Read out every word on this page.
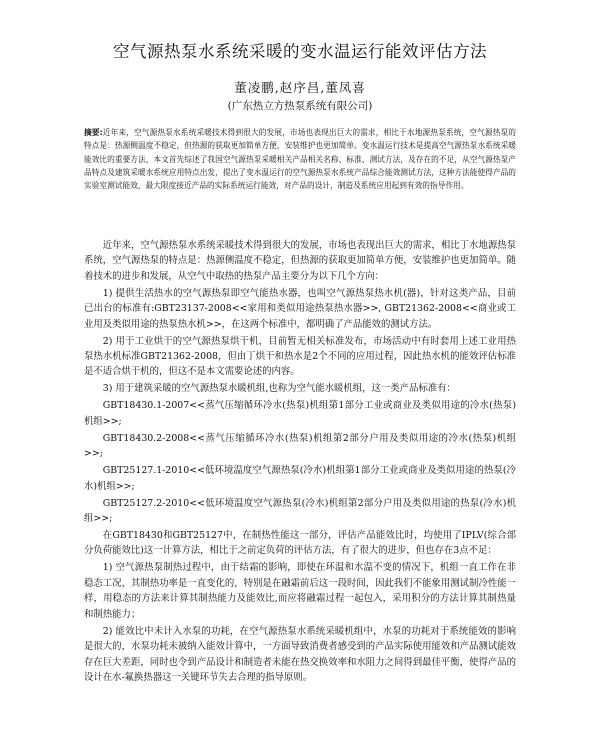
空气源热泵水系统采暖的变水温运行能效评估方法
董凌鹏,赵序昌,董凤喜
(广东热立方热泵系统有限公司)
摘要:近年来，空气源热泵水系统采暖技术得到很大的发展，市场也表现出巨大的需求，相比于水地源热泵系统，空气源热泵的特点是：热源侧温度不稳定，但热源的获取更加简单方便，安装维护也更加简单。变水温运行技术是提高空气源热泵水系统采暖能效比的重要方法，本文首先综述了我国空气源热泵采暖相关产品相关名称、标准、测试方法，及存在的不足，从空气源热泵产品特点及建筑采暖水系统应用特点出发，提出了变水温运行的空气源热泵水系统产品综合能效测试方法，这种方法能使得产品的实验室测试能效，最大限度接近产品的实际系统运行能效，对产品的设计，制造及系统应用起到有效的指导作用。

近年来，空气源热泵水系统采暖技术得到很大的发展，市场也表现出巨大的需求，相比丁水地源热泵系统，空气源热泵的特点是：热源侧温度不稳定，但热源的获取更加简单方便，安装维护也更加简单。随着技术的进步和发展，从空气中取热的热泵产品主要分为以下几个方向：

1) 提供生活热水的空气源热泵即空气能热水器，也叫空气源热泵热水机(器)，针对这类产品，目前已出台的标准有:GBT23137-2008<<家用和类似用途热泵热水器>>, GBT21362-2008<<商业或工业用及类似用途的热泵热水机>>，在这两个标准中，都明确了产品能效的测试方法。

2) 用于工业烘干的空气源热泵烘干机，目前暂无相关标准发布，市场活动中有时套用上述工业用热泵热水机标准GBT21362-2008，但由丁烘干和热水是2个不同的应用过程，因此热水机的能效评估标准是不适合烘干机的，但这不是本文需要论述的内容。

3) 用于建筑采暖的空气源热泵水暖机组,也称为空气能水暖机组，这一类产品标准有：

GBT18430.1-2007<<蒸气压缩循环冷水(热泵)机组第1部分工业或商业及类似用途的冷水(热泵)机组>>;

GBT18430.2-2008<<蒸气压缩循环冷水(热泵)机组第2部分户用及类似用途的冷水(热泵)机组>>;

GBT25127.1-2010<<低环境温度空气源热泵(冷水)机组第1部分工业或商业及类似用途的热泵(冷水)机组>>;

GBT25127.2-2010<<低环境温度空气源热泵(冷水)机组第2部分户用及类似用途的热泵(冷水)机组>>;

在GBT18430和GBT25127中，在制热性能这一部分，评估产品能效比时，均使用了IPLV(综合部分负荷能效比)这一计算方法，相比于之前定负荷的评估方法，有了很大的进步，但也存在3点不足：

1) 空气源热泵制热过程中，由于结霜的影响，即使在环温和水温不变的情况下，机组一直工作在非稳态工况，其制热功率是一直变化的，特别是在融霜前后这一段时间，因此我们不能象用测试制冷性能一样，用稳态的方法来计算其制热能力及能效比,而应将融霜过程一起包入，采用积分的方法计算其制热量和制热能力；

2) 能效比中未计入水泵的功耗，在空气源热泵水系统采暖机组中，水泵的功耗对于系统能效的影响是很大的，水泵功耗未被纳入能效计算中，一方面导致消费者感受到的产品实际使用能效和产品测试能效存在巨大差距，同时也令到产品设计和制造者未能在热交换效率和水阻力之间得到最佳平衡，使得产品的设计在水-氟换热器这一关键环节失去合理的指导原则。
